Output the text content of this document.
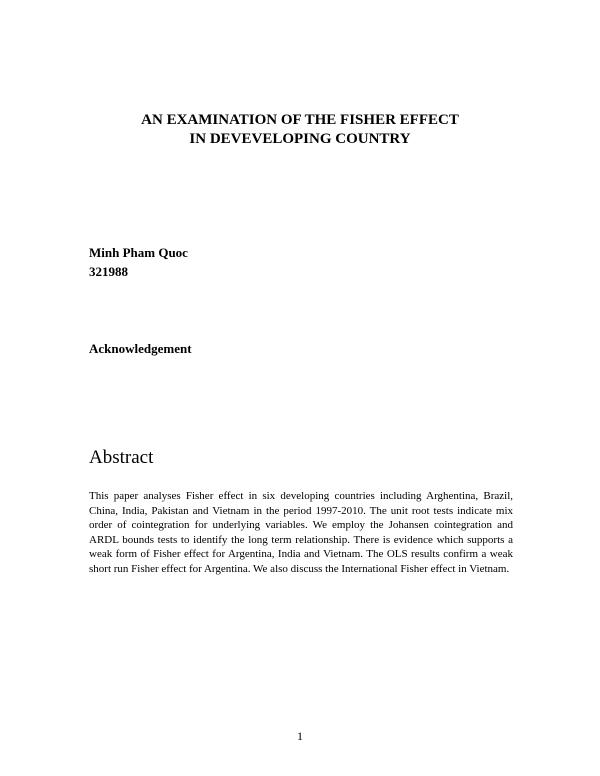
AN EXAMINATION OF THE FISHER EFFECT
IN DEVEVELOPING COUNTRY
Minh Pham Quoc
321988
Acknowledgement
Abstract
This paper analyses Fisher effect in six developing countries including Arghentina, Brazil, China, India, Pakistan and Vietnam in the period 1997-2010. The unit root tests indicate mix order of cointegration for underlying variables. We employ the Johansen cointegration and ARDL bounds tests to identify the long term relationship. There is evidence which supports a weak form of Fisher effect for Argentina, India and Vietnam. The OLS results confirm a weak short run Fisher effect for Argentina. We also discuss the International Fisher effect in Vietnam.
1
